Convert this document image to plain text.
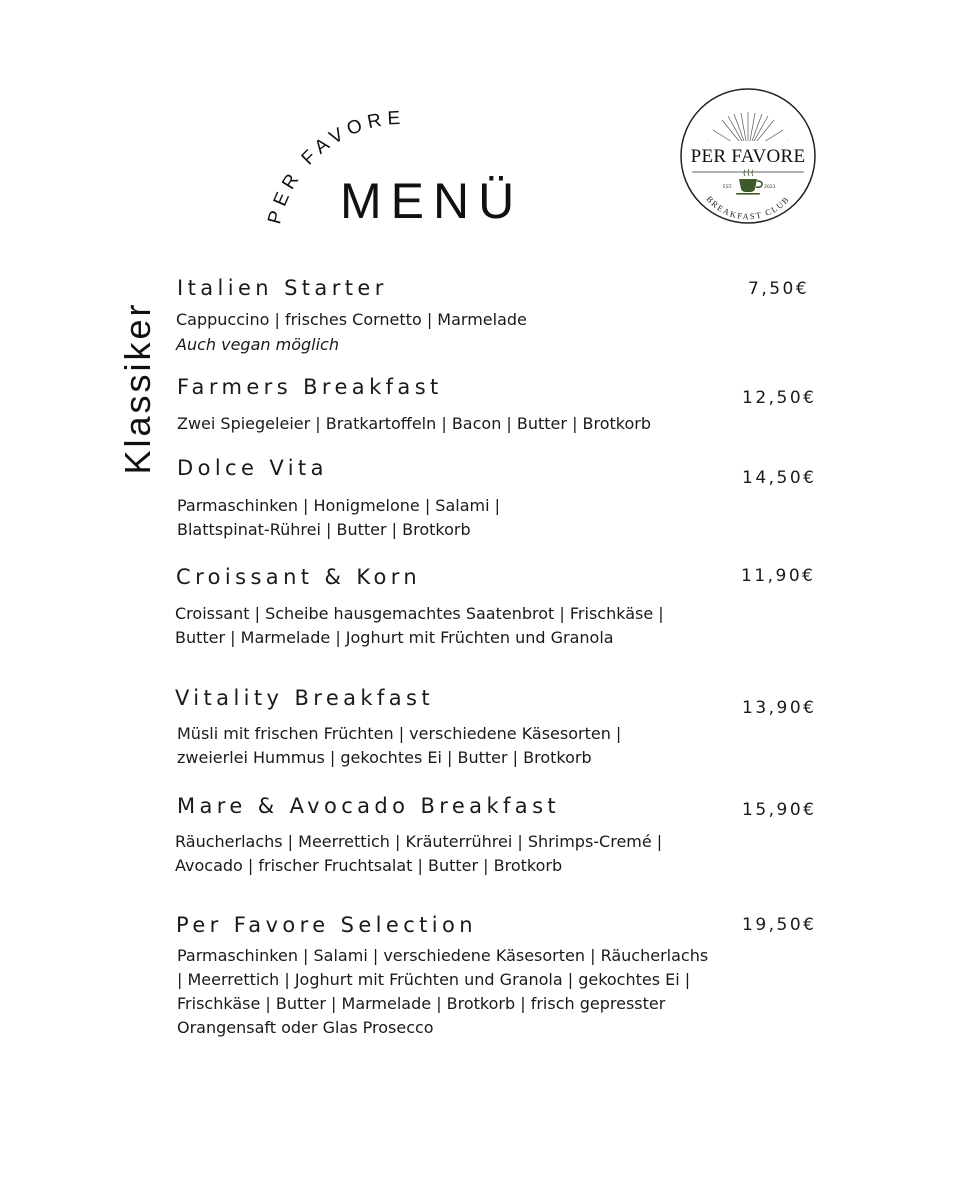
PER FAVORE
MENÜ	EST.	2023
BREAKFAST CLUB
PER FAVORE
Klassiker
Italien Starter	7,50€

Cappuccino | frisches Cornetto | Marmelade

Auch vegan möglich

Farmers Breakfast	12,50€

Zwei Spiegeleier | Bratkartoffeln | Bacon | Butter | Brotkorb

Dolce Vita	14,50€

Parmaschinken | Honigmelone | Salami | Blattspinat-Rührei | Butter | Brotkorb

Croissant & Korn	11,90€

Croissant | Scheibe hausgemachtes Saatenbrot | Frischkäse | Butter | Marmelade | Joghurt mit Früchten und Granola

Vitality Breakfast	13,90€

Müsli mit frischen Früchten | verschiedene Käsesorten | zweierlei Hummus | gekochtes Ei | Butter | Brotkorb

Mare & Avocado Breakfast	15,90€

Räucherlachs | Meerrettich | Kräuterrührei | Shrimps-Cremé | Avocado | frischer Fruchtsalat | Butter | Brotkorb

Per Favore Selection	19,50€

Parmaschinken | Salami | verschiedene Käsesorten | Räucherlachs | Meerrettich | Joghurt mit Früchten und Granola | gekochtes Ei | Frischkäse | Butter | Marmelade | Brotkorb | frisch gepresster Orangensaft oder Glas Prosecco
